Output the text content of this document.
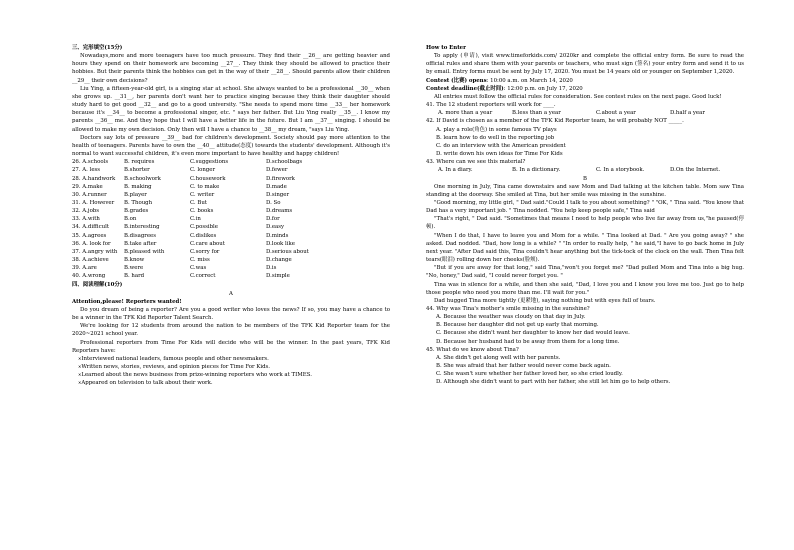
三、完形填空(15分)
Nowadays,more and more teenagers have too much pressure. They find their __26__ are getting heavier and hours they spend on their homework are becoming __27__. They think they should be allowed to practice their hobbies. But their parents think the hobbies can get in the way of their __28__. Should parents allow their children __29__ their own decisions?
Liu Ying, a fifteen-year-old girl, is a singing star at school. She always wanted to be a professional __30__ when she grows up. __31__, her parents don't want her to practice singing because they think their daughter should study hard to get good __32__ and go to a good university. "She needs to spend more time __33__ her homework because it's __34__ to become a professional singer, etc. " says her father. But Liu Ying really __35__. I know my parents __36__ me. And they hope that I will have a better life in the future. But I am __37__ singing. I should be allowed to make my own decision. Only then will I have a chance to __38__ my dream, "says Liu Ying.
Doctors say lots of pressure __39__ bad for children's development. Society should pay more attention to the health of teenagers. Parents have to own the __40__ attitude(态度) towards the students' development. Although it's normal to want successful children, it's even more important to have healthy and happy children!
26. A.schools	B. requires	C.suggestions	D.schoolbags
27. A. less	B.shorter	C. longer	D.fewer
28. A.handwork	B.schoolwork	C.housework	D.firework
29. A.make	B. making	C. to make	D.made
30. A.runner	B.player	C. writer	D.singer
31. A. However	B. Though	C. But	D. So
32. A.jobs	B.grades	C. books	D.dreams
33. A.with	B.on	C.in	D.for
34. A.difficult	B.interesting	C.possible	D.easy
35. A.agrees	B.disagrees	C.dislikes	D.minds
36. A. look for	B.take after	C.care about	D.look like
37. A.angry with B.pleased with	C.sorry for	D.serious about
38. A.achieve	B.know	C. miss	D.change
39. A.are	B.were	C.was	D.is
40. A.wrong	B. hard	C.correct	D.simple
四、阅读理解(10分)
A
Attention,please! Reporters wanted!
Do you dream of being a reporter? Are you a good writer who loves the news? If so, you may have a chance to be a winner in the TFK Kid Reporter Talent Search.
We're looking for 12 students from around the nation to be members of the TFK Kid Reporter team for the 2020~2021 school year.
Professional reporters from Time For Kids will decide who will be the winner. In the past years, TFK Kid Reporters have:
✕Interviewed national leaders, famous people and other newsmakers.
✕Written news, stories, reviews, and opinion pieces for Time For Kids.
✕Learned about the news business from prize-winning reporters who work at TIMES.
✕Appeared on television to talk about their work.
How to Enter
To apply (申请), visit www.timeforkids.com/ 2020kr and complete the official entry form. Be sure to read the official rules and share them with your parents or teachers, who must sign (签名) your entry form and send it to us by email. Entry forms must be sent by July 17, 2020. You must be 14 years old or younger on September 1,2020.
Contest (比赛) opens: 10:00 a.m. on March 14, 2020
Contest deadline(截止时间): 12:00 p.m. on July 17, 2020
All entries must follow the official rules for consideration. See contest rules on the next page. Good luck!
41. The 12 student reporters will work for ____.
A. more than a year	B.less than a year	C.about a year	D.half a year
42. If David is chosen as a member of the TFK Kid Reporter team, he will probably NOT _____.
A. play a role(角色) in some famous TV plays
B. learn how to do well in the reporting job
C. do an interview with the American president
D. write down his own ideas for Time For Kids
43. Where can we see this material?
A. In a diary.	B. In a dictionary.	C. In a storybook.	D.On the Internet.
B
One morning in July, Tina came downstairs and saw Mom and Dad talking at the kitchen table. Mom saw Tina standing at the doorway. She smiled at Tina, but her smile was missing in the sunshine.
"Good morning, my little girl, " Dad said."Could I talk to you about something? " "OK, " Tina said. "You know that Dad has a very important job. " Tina nodded. "You help keep people safe," Tina said
"That's right, " Dad said. "Sometimes that means I need to help people who live far away from us,"he paused(停顿).
"When I do that, I have to leave you and Mom for a while. " Tina looked at Dad. " Are you going away? " she asked. Dad nodded. "Dad, how long is a while? " "In order to really help, " he said,"I have to go back home in July next year. "After Dad said this, Tina couldn't hear anything but the tick-tock of the clock on the wall. Then Tina felt tears(眼泪) rolling down her cheeks(脸颊).
"But if you are away for that long," said Tina,"won't you forget me? "Dad pulled Mom and Tina into a big hug. "No, honey," Dad said, "I could never forget you. "
Tina was in silence for a while, and then she said, "Dad, I love you and I know you love me too. Just go to help those people who need you more than me. I'll wait for you."
Dad hugged Tina more tightly (更紧地), saying nothing but with eyes full of tears.
44. Why was Tina's mother's smile missing in the sunshine?
A. Because the weather was cloudy on that day in July.
B. Because her daughter did not get up early that morning.
C. Because she didn't want her daughter to know her dad would leave.
D. Because her husband had to be away from them for a long time.
45. What do we know about Tina?
A. She didn't get along well with her parents.
B. She was afraid that her father would never come back again.
C. She wasn't sure whether her father loved her, so she cried loudly.
D. Although she didn't want to part with her father, she still let him go to help others.
